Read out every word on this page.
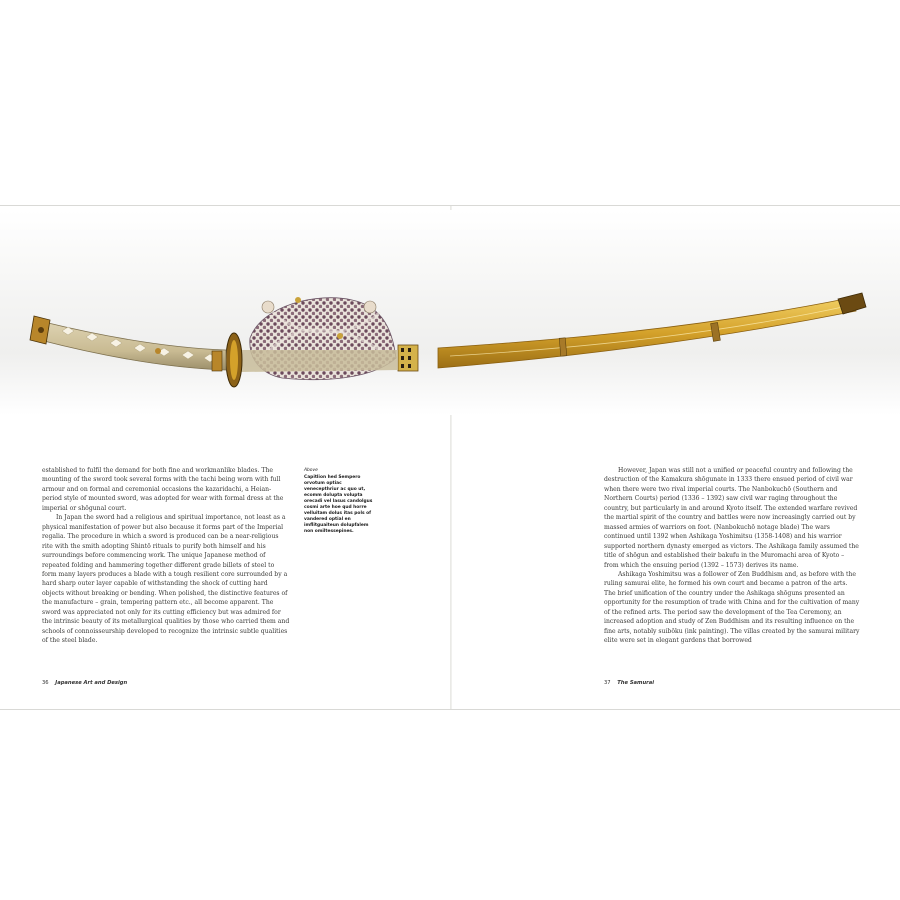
established to fulfil the demand for both fine and workmanlike blades. The mounting of the sword took several forms with the tachi being worn with full armour and on formal and ceremonial occasions the kazaridachi, a Heian-period style of mounted sword, was adopted for wear with formal dress at the imperial or shōgunal court.

In Japan the sword had a religious and spiritual importance, not least as a physical manifestation of power but also because it forms part of the Imperial regalia. The procedure in which a sword is produced can be a near-religious rite with the smith adopting Shintō rituals to purify both himself and his surroundings before commencing work. The unique Japanese method of repeated folding and hammering together different grade billets of steel to form many layers produces a blade with a tough resilient core surrounded by a hard sharp outer layer capable of withstanding the shock of cutting hard objects without breaking or bending. When polished, the distinctive features of the manufacture – grain, tempering pattern etc., all become apparent. The sword was appreciated not only for its cutting efficiency but was admired for the intrinsic beauty of its metallurgical qualities by those who carried them and schools of connoisseurship developed to recognize the intrinsic subtle qualities of the steel blade.

Above
Capitlion hed Sempero orvotum optiac venecepthriur ac quo ut, ecomm dolupta volupta orecadi vel lasus candolgus cosmi arte hoe qud horre velluitam dolus itas pols of vandered optial en imflitguaiteun dolupfalem non omiltessepines.

However, Japan was still not a unified or peaceful country and following the destruction of the Kamakura shōgunate in 1333 there ensued period of civil war when there were two rival imperial courts. The Nanbokuchō (Southern and Northern Courts) period (1336 – 1392) saw civil war raging throughout the country, but particularly in and around Kyoto itself. The extended warfare revived the martial spirit of the country and battles were now increasingly carried out by massed armies of warriors on foot. (Nanbokuchō notage blade) The wars continued until 1392 when Ashikaga Yoshimitsu (1358-1408) and his warrior supported northern dynasty emerged as victors. The Ashikaga family assumed the title of shōgun and established their bakufu in the Muromachi area of Kyoto – from which the ensuing period (1392 – 1573) derives its name.

Ashikaga Yoshimitsu was a follower of Zen Buddhism and, as before with the ruling samurai elite, he formed his own court and became a patron of the arts. The brief unification of the country under the Ashikaga shōguns presented an opportunity for the resumption of trade with China and for the cultivation of many of the refined arts. The period saw the development of the Tea Ceremony, an increased adoption and study of Zen Buddhism and its resulting influence on the fine arts, notably suibōku (ink painting). The villas created by the samurai military elite were set in elegant gardens that borrowed

36 Japanese Art and Design	37 The Samurai
